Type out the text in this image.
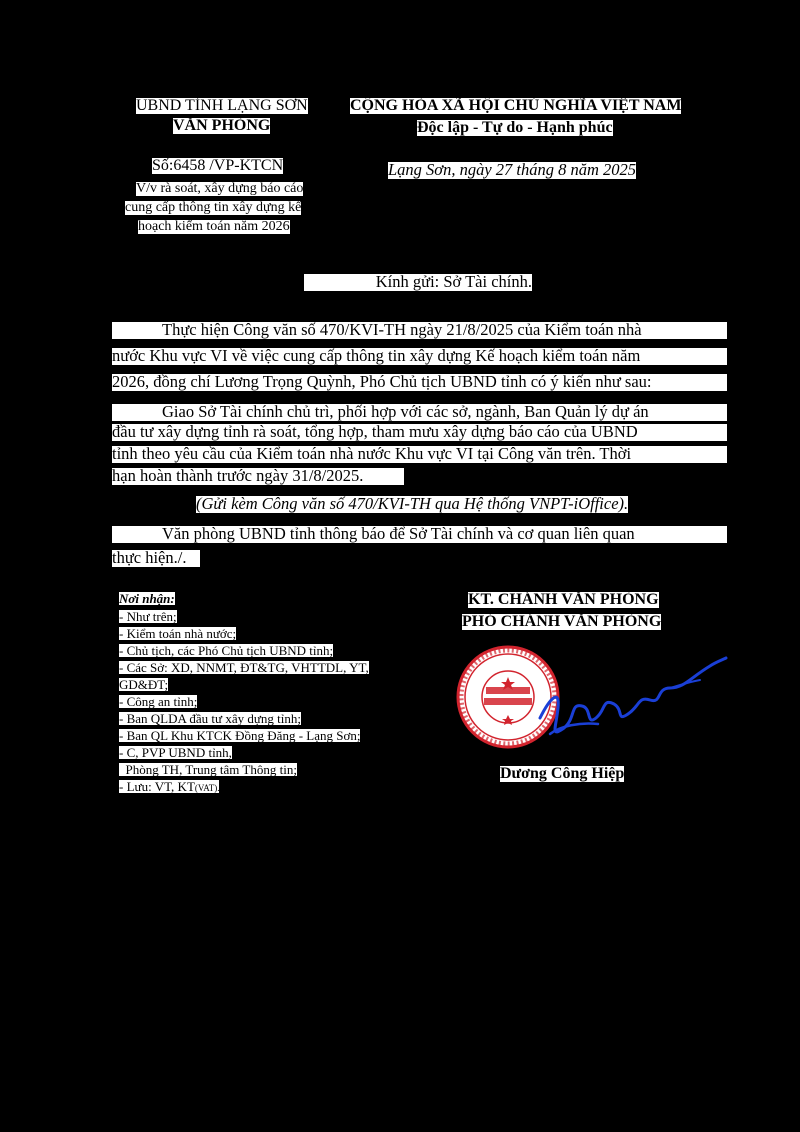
UBND TỈNH LẠNG SƠN
VĂN PHÒNG
CỘNG HÒA XÃ HỘI CHỦ NGHĨA VIỆT NAM
Độc lập - Tự do - Hạnh phúc
Số:6458 /VP-KTCN	Lạng Sơn, ngày 27 tháng 8 năm 2025
V/v rà soát, xây dựng báo cáo
cung cấp thông tin xây dựng kế
hoạch kiểm toán năm 2026
Kính gửi: Sở Tài chính.
Thực hiện Công văn số 470/KVI-TH ngày 21/8/2025 của Kiểm toán nhà
nước Khu vực VI về việc cung cấp thông tin xây dựng Kế hoạch kiểm toán năm
2026, đồng chí Lương Trọng Quỳnh, Phó Chủ tịch UBND tỉnh có ý kiến như sau:
Giao Sở Tài chính chủ trì, phối hợp với các sở, ngành, Ban Quản lý dự án
đầu tư xây dựng tỉnh rà soát, tổng hợp, tham mưu xây dựng báo cáo của UBND
tỉnh theo yêu cầu của Kiểm toán nhà nước Khu vực VI tại Công văn trên. Thời
hạn hoàn thành trước ngày 31/8/2025.
(Gửi kèm Công văn số 470/KVI-TH qua Hệ thống VNPT-iOffice).
Văn phòng UBND tỉnh thông báo để Sở Tài chính và cơ quan liên quan
thực hiện./.
Nơi nhận:
- Như trên;
- Kiểm toán nhà nước;
- Chủ tịch, các Phó Chủ tịch UBND tỉnh;
- Các Sở: XD, NNMT, ĐT&TG, VHTTDL, YT,
GD&ĐT;
- Công an tỉnh;
- Ban QLDA đầu tư xây dựng tỉnh;
- Ban QL Khu KTCK Đồng Đăng - Lạng Sơn;
- C, PVP UBND tỉnh,
Phòng TH, Trung tâm Thông tin;
- Lưu: VT, KT(VAT).
KT. CHÁNH VĂN PHÒNG
PHÓ CHÁNH VĂN PHÒNG
Dương Công Hiệp
